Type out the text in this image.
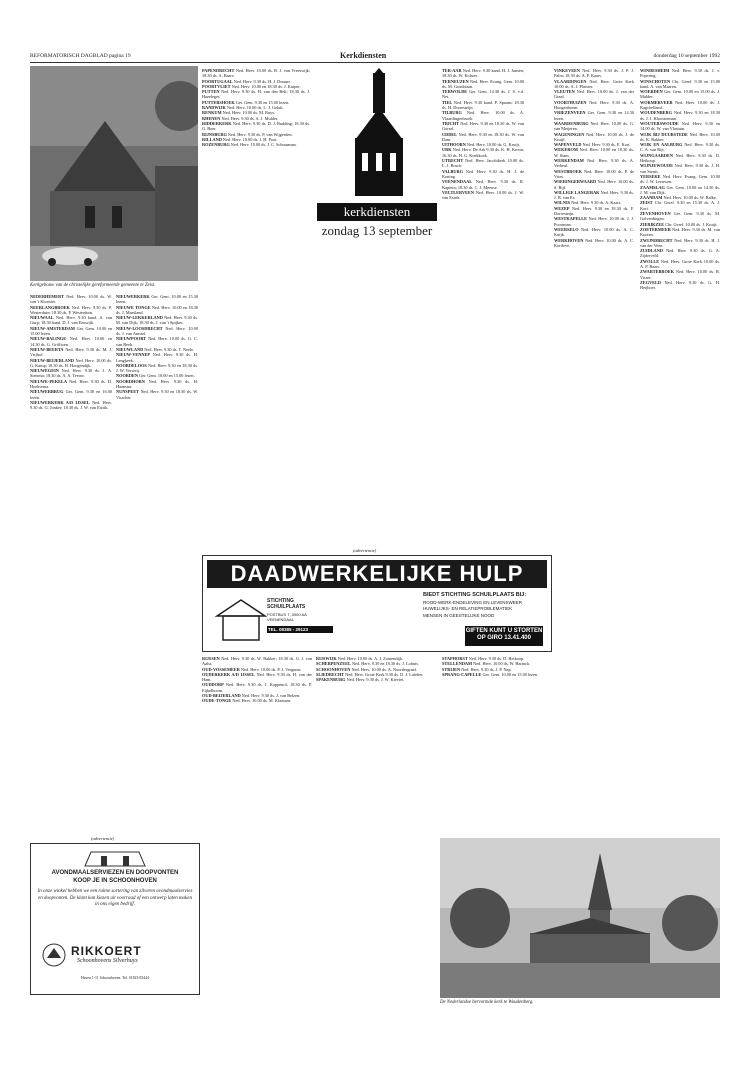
REFORMATORISCH DAGBLAD pagina 19	Kerkdiensten	donderdag 10 september 1992
Kerkgebouw van de christelijke gereformeerde gemeente te Zeist.
kerkdiensten
zondag 13 september

NEDERHEMERT Ned. Herv. 10.00 ds. W. van 't Klooster.

NEERLANGBROEK Ned. Herv. 9.30 ds. P. Westerduin; 18.30 ds. P. Westerduin.

NIEUWAAL Ned. Herv. 9.30 kand. A. van Gurp; 18.30 kand. D. J. van Eeuwijk.

NIEUW-AMSTERDAM Ger. Gem. 10.00 en 15.00 lezen.

NIEUW-BALINGE Ned. Herv. 10.00 en 14.30 ds. G. Griffioen.

NIEUW-BEERTA Ned. Herv. 9.30 ds. M. J. Vrijhof.

NIEUW-BEIJERLAND Ned. Herv. 10.00 ds. G. Kamp; 18.30 ds. H. Hoogendijk.

NIEUWEGEIN Ned. Herv. 9.30 ds. J. A. Sietsma; 18.30 ds. A. A. Teeuw.

NIEUWE-PEKELA Ned. Herv. 9.30 ds. D. Hoeksema.

NIEUWERBRUG Ger. Gem. 9.30 en 16.00 lezen.

NIEUWERKERK A/D IJSSEL Ned. Herv. 9.30 ds. G. Jonker; 18.30 ds. J. W. van Estrik.

NIEUWERKERK Ger. Gem. 10.00 en 15.30 lezen.

NIEUWE TONGE Ned. Herv. 10.00 en 18.30 ds. J. Maasland.

NIEUW-LEKKERLAND Ned. Herv. 9.30 ds. M. van Dijk; 18.30 ds. J. van 't Spijker.

NIEUW-LOOSDRECHT Ned. Herv. 10.00 ds. J. van Amstel.

NIEUWPOORT Ned. Herv. 10.00 ds. G. C. van Beek.

NIEUWLAND Ned. Herv. 9.30 ds. T. Neele.

NIEUW-VENNEP Ned. Herv. 9.30 ds. H. Lengkeek.

NOORDELOOS Ned. Herv. 9.30 en 18.30 ds. J. W. Verweij.

NOORDEN Ger. Gem. 10.00 en 15.00 lezen.

NOORDHORN Ned. Herv. 9.30 ds. H. Haanstra.

NUNSPEET Ned. Herv. 9.30 en 18.30 ds. W. Visscher.

PAPENDRECHT Ned. Herv. 10.00 ds. B. J. van Vreeswijk; 18.30 ds. A. Baars.

POORTUGAAL Ned. Herv. 9.30 ds. H. J. Donner.

POORTVLIET Ned. Herv. 10.00 en 18.30 ds. J. Kuiper.

PUTTEN Ned. Herv. 9.30 ds. H. van den Belt; 18.30 ds. J. Hazeleger.

PUTTERSHOEK Ger. Gem. 9.30 en 15.00 lezen.

RANDWIJK Ned. Herv. 10.00 ds. L. J. Geluk.

RENKUM Ned. Herv. 10.00 ds. M. Ruys.

RHENEN Ned. Herv. 9.30 ds. A. J. Mulder.

RIDDERKERK Ned. Herv. 9.30 ds. D. J. Budding; 18.30 ds. G. Boer.

RIJNSBURG Ned. Herv. 9.30 ds. P. van Wijgerden.

RILLAND Ned. Herv. 10.00 ds. J. H. Poot.

ROZENBURG Ned. Herv. 10.00 ds. J. C. Schuurman.

RIJSSEN Ned. Herv. 9.30 ds. W. Bakker; 18.30 ds. G. J. van Aalst.

OUD-VOSSEMEER Ned. Herv. 10.00 ds. P. J. Vergunst.

OUDERKERK A/D IJSSEL Ned. Herv. 9.30 ds. H. van der Ham.

OUDDORP Ned. Herv. 9.30 ds. J. Koppenol; 18.30 ds. P. Eijkelboom.

OUD-BEIJERLAND Ned. Herv. 9.30 ds. J. van Belzen.

OUDE-TONGE Ned. Herv. 10.00 ds. M. Klaassen.

RIJSWIJK Ned. Herv. 10.00 ds. A. J. Zoutendijk.

SCHERPENZEEL Ned. Herv. 9.30 en 18.30 ds. J. Lohuis.

SCHOONHOVEN Ned. Herv. 10.00 ds. A. Noordergraaf.

SLIEDRECHT Ned. Herv. Grote Kerk 9.30 ds. D. J. Lafeber.

SPAKENBURG Ned. Herv. 9.30 ds. J. W. Kieviet.

TER-AAR Ned. Herv. 9.30 kand. H. J. Jansen; 18.30 ds. W. Kolster.

TERNEUZEN Ned. Herv. Evang. Gem. 10.00 ds. M. Goudriaan.

TERWOLDE Ger. Gem. 14.30 ds. J. S. v.d. Net.

TIEL Ned. Herv. 9.30 kand. P. Spaans; 18.30 ds. H. Dorresteijn.

TILBURG Ned. Herv. 10.00 ds. A. Vlaardingerbroek.

TRICHT Ned. Herv. 9.30 en 18.30 ds. W. van Gorsel.

UDDEL Ned. Herv. 9.30 en 18.30 ds. W. van Dam.

UITHOORN Ned. Herv. 10.00 ds. G. Kruijt.

URK Ned. Herv. De Ark 9.30 ds. K. H. Kroon; 16.30 ds. H. G. Koekkoek.

UTRECHT Ned. Herv. Jacobikerk 10.00 ds. L. J. Bosch.

VALBURG Ned. Herv. 9.30 ds. H. J. de Koning.

VEENENDAAL Ned. Herv. 9.30 ds. R. Kaptein; 18.30 ds. C. J. Meeuse.

VELTLERVEEN Ned. Herv. 10.00 ds. J. W. van Estrik.

VINKEVEEN Ned. Herv. 9.30 ds. J. P. J. Palm; 18.30 ds. A. P. Kaars.

VLAARDINGEN Ned. Herv. Grote Kerk 10.00 ds. A. J. Plaisier.

VLEUTEN Ned. Herv. 10.00 ds. J. van der Graaf.

VOORTHUIZEN Ned. Herv. 9.30 ds. A. Hoogenboom.

VRIEZENVEEN Ger. Gem. 9.30 en 14.30 lezen.

WAARDENBURG Ned. Herv. 10.00 ds. G. van Meijeren.

WAGENINGEN Ned. Herv. 10.00 ds. J. de Kruijf.

WAPENVELD Ned. Herv. 9.30 ds. E. Kort.

WEKEROM Ned. Herv. 10.00 en 18.30 ds. W. Stam.

WERKENDAM Ned. Herv. 9.30 ds. A. Verheul.

WESTBROEK Ned. Herv. 10.00 ds. P. de Vries.

WIERINGERWAARD Ned. Herv. 10.00 ds. S. Bijl.

WILLIGE LANGERAK Ned. Herv. 9.30 ds. J. B. van Es.

WILNIS Ned. Herv. 9.30 ds. A. Kaars.

WEZEP Ned. Herv. 9.30 en 18.30 ds. F. Dorresteijn.

WESTKAPELLE Ned. Herv. 10.00 ds. J. J. Poortman.

WEERSELO Ned. Herv. 10.00 ds. A. C. Kuijk.

WERKHOVEN Ned. Herv. 10.00 ds. A. C. Kortleve.

WINDESHEIM Ned. Herv. 9.30 ds. J. v. Popering.

WINSCHOTEN Chr. Geref. 9.30 en 15.00 kand. A. van Maaren.

WOERDEN Ger. Gem. 10.00 en 15.00 ds. J. Mulder.

WORMERVEER Ned. Herv. 10.00 ds. J. Kagchelland.

WOUDENBERG Ned. Herv. 9.30 en 18.30 ds. J. J. Kloosterman.

WOUTERSWOUDE Ned. Herv. 9.30 en 14.00 ds. W. van Vlastuin.

WIJK BIJ DUURSTEDE Ned. Herv. 10.00 ds. K. Bakker.

WIJK EN AALBURG Ned. Herv. 9.30 ds. C. A. van Rijt.

WIJNGAARDEN Ned. Herv. 9.30 ds. D. Heikoop.

WIJNJEWOUDE Ned. Herv. 9.30 ds. J. H. van Stenis.

YERSEKE Ned. Herv. Evang. Gem. 10.00 ds. J. W. Leeuwen.

ZAAMSLAG Ger. Gem. 10.00 en 14.30 ds. J. M. van Dijk.

ZAANDAM Ned. Herv. 10.00 ds. W. Balke.

ZEIST Chr. Geref. 9.30 en 15.30 ds. A. J. Kort.

ZEVENHOVEN Ger. Gem. 9.30 ds. M. Golverdingen.

ZIERIKZEE Chr. Geref. 10.00 ds. J. Kruijt.

ZOETERMEER Ned. Herv. 9.30 ds. M. van Kooten.

ZWIJNDRECHT Ned. Herv. 9.30 ds. H. J. van der Veen.

ZUIDLAND Ned. Herv. 9.30 ds. G. A. Zijderveld.

ZWOLLE Ned. Herv. Grote Kerk 10.00 ds. A. P. Baars.

ZWARTEBROEK Ned. Herv. 10.00 ds. R. Visser.

ZEGVELD Ned. Herv. 9.30 ds. G. H. Heijboer.

STAPHORST Ned. Herv. 9.30 ds. D. Heikoop.

STELLENDAM Ned. Herv. 10.00 ds. W. Harinck.

STRIJEN Ned. Herv. 9.30 ds. J. P. Nap.

SPRANG-CAPELLE Ger. Gem. 10.00 en 15.00 lezen.

(advertentie)
DAADWERKELIJKE HULP
STICHTING SCHUILPLAATS
POSTBUS 7, 3900 AA VEENENDAAL
TEL. 08385 - 29123
BIEDT STICHTING SCHUILPLAATS BIJ:
ROOD-WERK-ENDELEVING EN LEVENSWEER
HUWELIJKS- EN RELATIEPROBLEMATIEK
MENSEN IN GEESTELIJKE NOOD
GIFTEN KUNT U STORTEN OP GIRO 13.41.400
(advertentie)
AVONDMAALSERVIEZEN EN DOOPVONTEN
KOOP JE IN SCHOONHOVEN
In onze winkel hebben we een ruime sortering van zilveren avondmaalservies en doopvonten. De klant kan kiezen uit voorraad of een ontwerp laten maken in ons eigen bedrijf.
RIKKOERT
Schoonhovens Silverhuys
Haven 1-11 Schoonhoven. Tel. 01823-83444
De Nederlandse hervormde kerk te Woudenberg.
